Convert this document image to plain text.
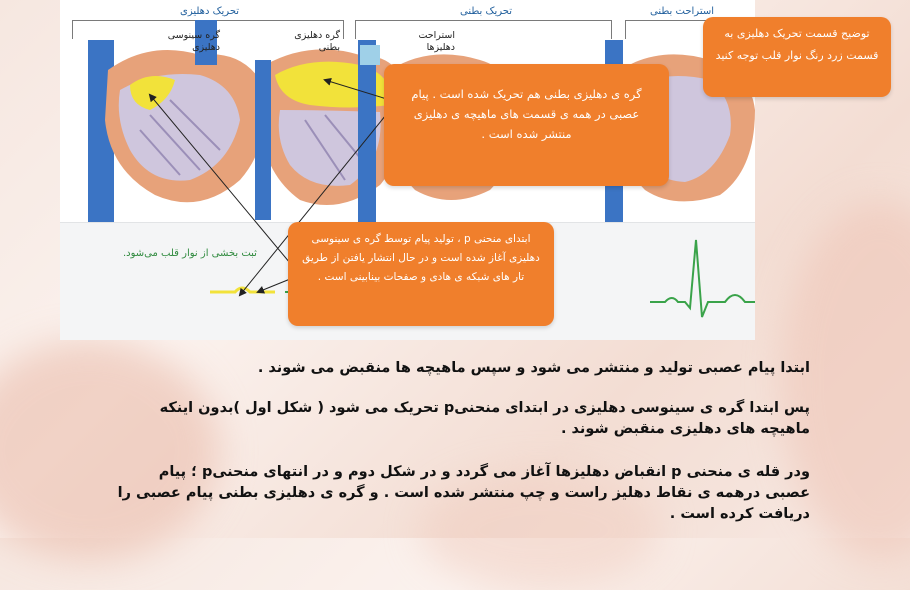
تحریک دهلیزی	تحریک بطنی	استراحت بطنی
گره سینوسی دهلیزی
گره دهلیزی بطنی
استراحت دهلیزها
ثبت بخشی از نوار قلب می‌شود.
توضیح قسمت تحریک دهلیزی به قسمت زرد رنگ نوار قلب توجه کنید
گره ی دهلیزی بطنی هم تحریک شده است . پیام عصبی در همه ی قسمت های ماهیچه ی دهلیزی منتشر شده است .
ابتدای منحنی p ، تولید پیام توسط گره ی سینوسی دهلیزی آغاز شده است و در حال انتشار یافتن از طریق تار های شبکه ی هادی و صفحات بینابینی است .
ابتدا پیام عصبی تولید و منتشر می شود و سپس ماهیچه ها منقبض می شوند .
پس ابتدا گره ی سینوسی دهلیزی در ابتدای منحنیp تحریک می شود ( شکل اول )بدون اینکه ماهیچه های دهلیزی منقبض شوند .
ودر قله ی منحنی p انقباض دهلیزها آغاز می گردد و در شکل دوم و در انتهای منحنیp ؛ پیام عصبی درهمه ی نقاط دهلیز راست و چپ منتشر شده است . و گره ی دهلیزی بطنی پیام عصبی را دریافت کرده است .
